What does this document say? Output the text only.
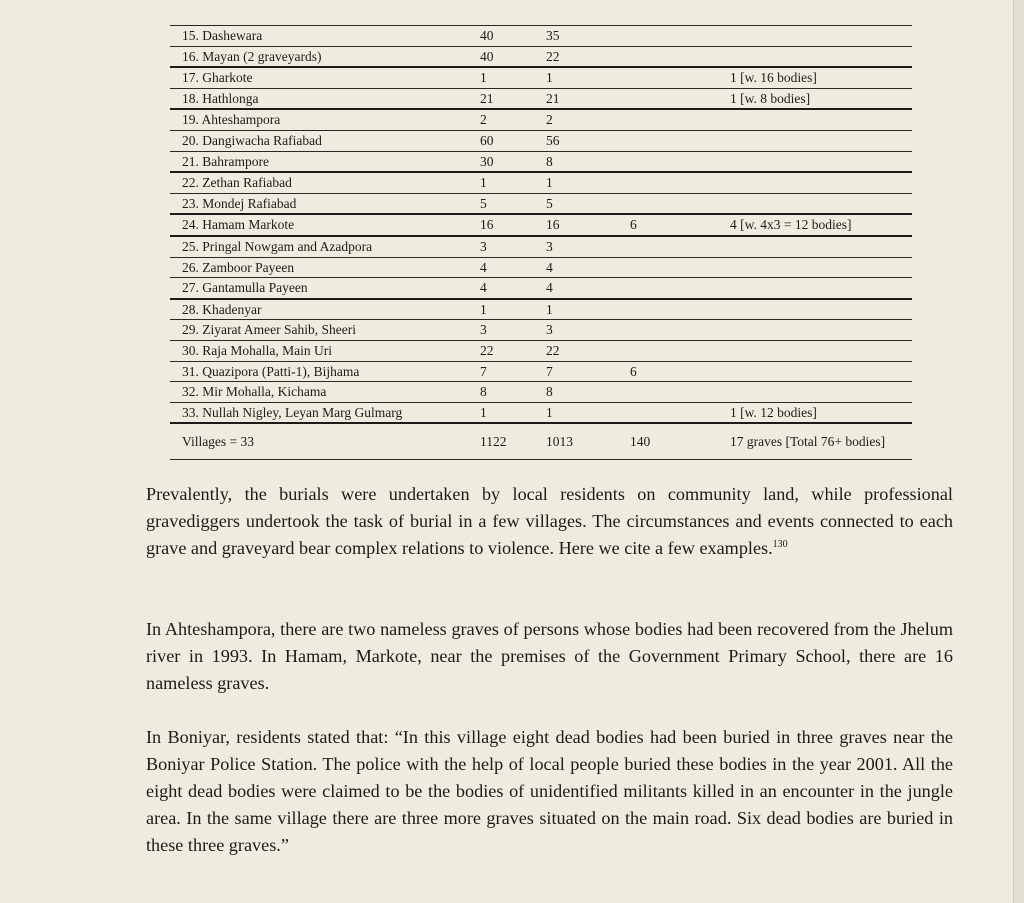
15. Dashewara	40	35		
16. Mayan (2 graveyards)	40	22		
17. Gharkote	1	1		1 [w. 16 bodies]
18. Hathlonga	21	21		1 [w. 8 bodies]
19. Ahteshampora	2	2		
20. Dangiwacha Rafiabad	60	56		
21. Bahrampore	30	8		
22. Zethan Rafiabad	1	1		
23. Mondej Rafiabad	5	5		
24. Hamam Markote	16	16	6	4 [w. 4x3 = 12 bodies]
25. Pringal Nowgam and Azadpora	3	3		
26. Zamboor Payeen	4	4		
27. Gantamulla Payeen	4	4		
28. Khadenyar	1	1		
29. Ziyarat Ameer Sahib, Sheeri	3	3		
30. Raja Mohalla, Main Uri	22	22		
31. Quazipora (Patti-1), Bijhama	7	7	6	
32. Mir Mohalla, Kichama	8	8		
33. Nullah Nigley, Leyan Marg Gulmarg	1	1		1 [w. 12 bodies]
Villages = 33	1122	1013	140	17 graves [Total 76+ bodies]

Prevalently, the burials were undertaken by local residents on community land, while professional gravediggers undertook the task of burial in a few villages. The circumstances and events connected to each grave and graveyard bear complex relations to violence. Here we cite a few examples.$^{130}$

In Ahteshampora, there are two nameless graves of persons whose bodies had been recovered from the Jhelum river in 1993. In Hamam, Markote, near the premises of the Government Primary School, there are 16 nameless graves.

In Boniyar, residents stated that: “In this village eight dead bodies had been buried in three graves near the Boniyar Police Station. The police with the help of local people buried these bodies in the year 2001. All the eight dead bodies were claimed to be the bodies of unidentified militants killed in an encounter in the jungle area. In the same village there are three more graves situated on the main road. Six dead bodies are buried in these three graves.”
